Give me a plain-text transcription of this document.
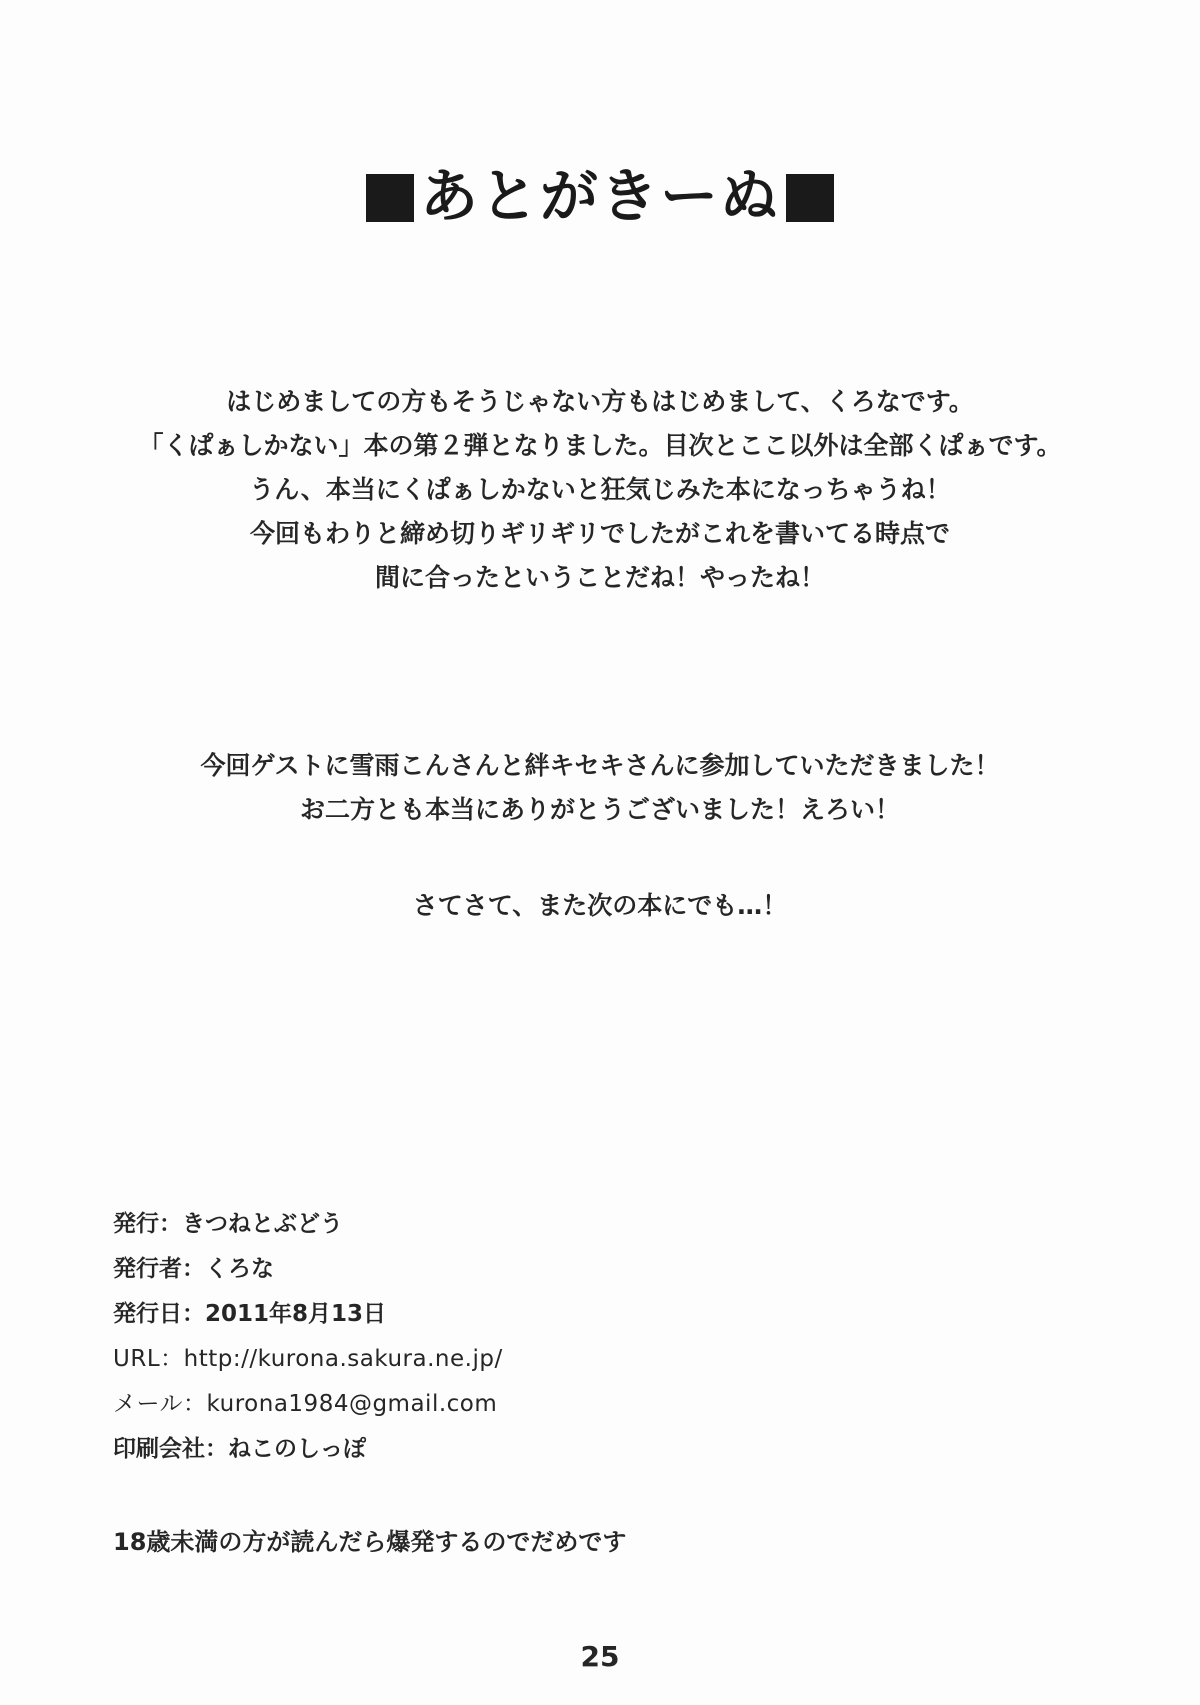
あとがきーぬ
はじめましての方もそうじゃない方もはじめまして、くろなです。
「くぱぁしかない」本の第２弾となりました。目次とここ以外は全部くぱぁです。
うん、本当にくぱぁしかないと狂気じみた本になっちゃうね！
今回もわりと締め切りギリギリでしたがこれを書いてる時点で
間に合ったということだね！やったね！
今回ゲストに雪雨こんさんと絆キセキさんに参加していただきました！
お二方とも本当にありがとうございました！えろい！
さてさて、また次の本にでも…！
発行：きつねとぶどう
発行者：くろな
発行日：2011年8月13日
URL：http://kurona.sakura.ne.jp/
メール：kurona1984@gmail.com
印刷会社：ねこのしっぽ
18歳未満の方が読んだら爆発するのでだめです
25
